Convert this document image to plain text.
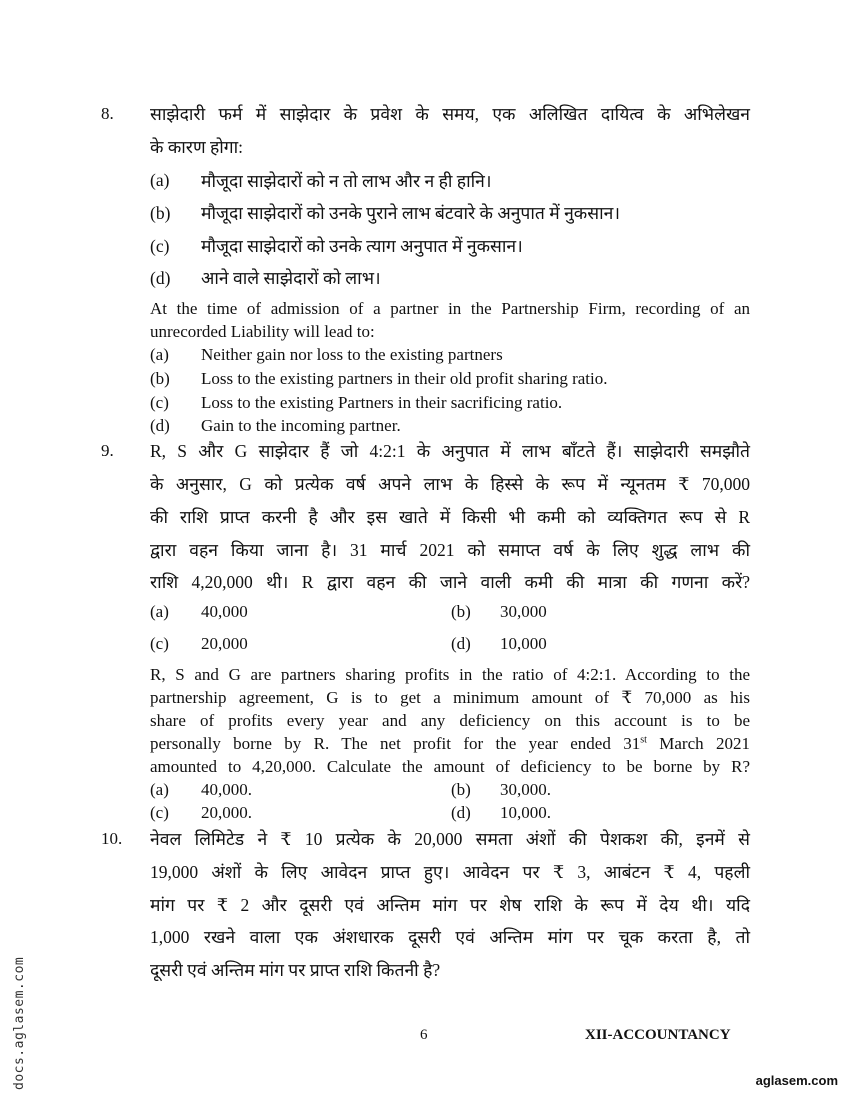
8. साझेदारी फर्म में साझेदार के प्रवेश के समय, एक अलिखित दायित्व के अभिलेखन
के कारण होगा:
(a) मौजूदा साझेदारों को न तो लाभ और न ही हानि।
(b) मौजूदा साझेदारों को उनके पुराने लाभ बंटवारे के अनुपात में नुकसान।
(c) मौजूदा साझेदारों को उनके त्याग अनुपात में नुकसान।
(d) आने वाले साझेदारों को लाभ।
At the time of admission of a partner in the Partnership Firm, recording of an
unrecorded Liability will lead to:
(a) Neither gain nor loss to the existing partners
(b) Loss to the existing partners in their old profit sharing ratio.
(c) Loss to the existing Partners in their sacrificing ratio.
(d) Gain to the incoming partner.
9. R, S और G साझेदार हैं जो 4:2:1 के अनुपात में लाभ बाँटते हैं। साझेदारी समझौते
के अनुसार, G को प्रत्येक वर्ष अपने लाभ के हिस्से के रूप में न्यूनतम ₹ 70,000
की राशि प्राप्त करनी है और इस खाते में किसी भी कमी को व्यक्तिगत रूप से R
द्वारा वहन किया जाना है। 31 मार्च 2021 को समाप्त वर्ष के लिए शुद्ध लाभ की
राशि 4,20,000 थी। R द्वारा वहन की जाने वाली कमी की मात्रा की गणना करें?
(a) 40,000	(b) 30,000
(c) 20,000	(d) 10,000
R, S and G are partners sharing profits in the ratio of 4:2:1. According to the
partnership agreement, G is to get a minimum amount of ₹ 70,000 as his
share of profits every year and any deficiency on this account is to be
personally borne by R. The net profit for the year ended 31st March 2021
amounted to 4,20,000. Calculate the amount of deficiency to be borne by R?
(a) 40,000.	(b) 30,000.
(c) 20,000.	(d) 10,000.
10. नेवल लिमिटेड ने ₹ 10 प्रत्येक के 20,000 समता अंशों की पेशकश की, इनमें से
19,000 अंशों के लिए आवेदन प्राप्त हुए। आवेदन पर ₹ 3, आबंटन ₹ 4, पहली
मांग पर ₹ 2 और दूसरी एवं अन्तिम मांग पर शेष राशि के रूप में देय थी। यदि
1,000 रखने वाला एक अंशधारक दूसरी एवं अन्तिम मांग पर चूक करता है, तो
दूसरी एवं अन्तिम मांग पर प्राप्त राशि कितनी है?
6	XII-ACCOUNTANCY
docs.aglasem.com	aglasem.com
